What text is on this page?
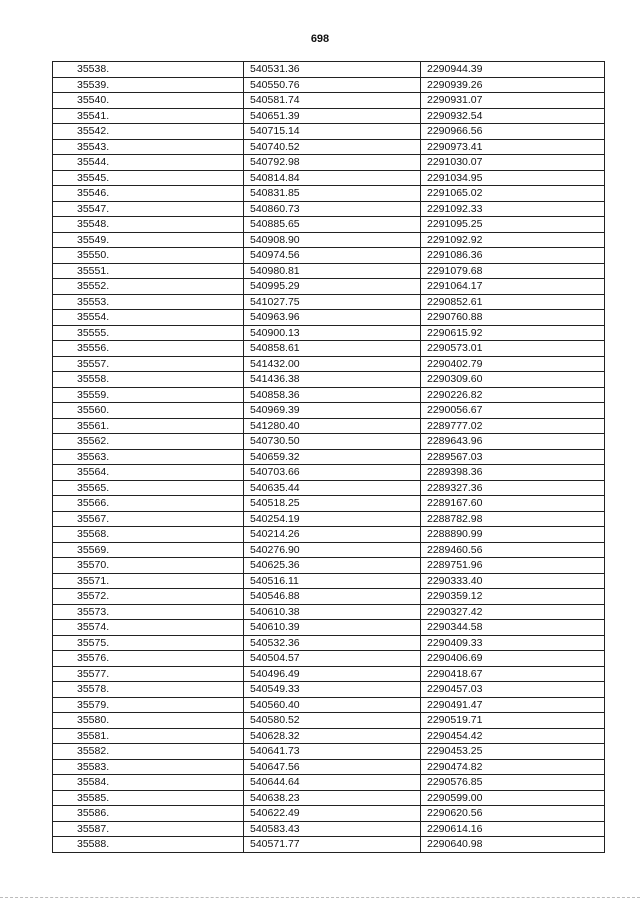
698
35538.	540531.36	2290944.39
35539.	540550.76	2290939.26
35540.	540581.74	2290931.07
35541.	540651.39	2290932.54
35542.	540715.14	2290966.56
35543.	540740.52	2290973.41
35544.	540792.98	2291030.07
35545.	540814.84	2291034.95
35546.	540831.85	2291065.02
35547.	540860.73	2291092.33
35548.	540885.65	2291095.25
35549.	540908.90	2291092.92
35550.	540974.56	2291086.36
35551.	540980.81	2291079.68
35552.	540995.29	2291064.17
35553.	541027.75	2290852.61
35554.	540963.96	2290760.88
35555.	540900.13	2290615.92
35556.	540858.61	2290573.01
35557.	541432.00	2290402.79
35558.	541436.38	2290309.60
35559.	540858.36	2290226.82
35560.	540969.39	2290056.67
35561.	541280.40	2289777.02
35562.	540730.50	2289643.96
35563.	540659.32	2289567.03
35564.	540703.66	2289398.36
35565.	540635.44	2289327.36
35566.	540518.25	2289167.60
35567.	540254.19	2288782.98
35568.	540214.26	2288890.99
35569.	540276.90	2289460.56
35570.	540625.36	2289751.96
35571.	540516.11	2290333.40
35572.	540546.88	2290359.12
35573.	540610.38	2290327.42
35574.	540610.39	2290344.58
35575.	540532.36	2290409.33
35576.	540504.57	2290406.69
35577.	540496.49	2290418.67
35578.	540549.33	2290457.03
35579.	540560.40	2290491.47
35580.	540580.52	2290519.71
35581.	540628.32	2290454.42
35582.	540641.73	2290453.25
35583.	540647.56	2290474.82
35584.	540644.64	2290576.85
35585.	540638.23	2290599.00
35586.	540622.49	2290620.56
35587.	540583.43	2290614.16
35588.	540571.77	2290640.98
